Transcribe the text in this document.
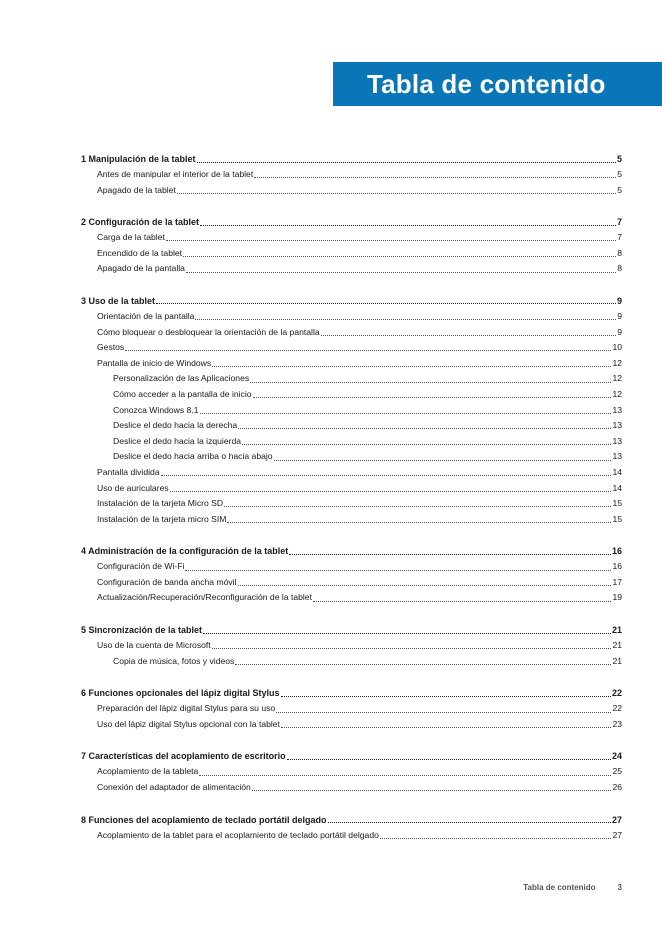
Tabla de contenido
1 Manipulación de la tablet	5
Antes de manipular el interior de la tablet	5
Apagado de la tablet	5
2 Configuración de la tablet	7
Carga de la tablet	7
Encendido de la tablet	8
Apagado de la pantalla	8
3 Uso de la tablet	9
Orientación de la pantalla	9
Cómo bloquear o desbloquear la orientación de la pantalla	9
Gestos	10
Pantalla de inicio de Windows	12
Personalización de las Aplicaciones	12
Cómo acceder a la pantalla de inicio	12
Conozca Windows 8.1	13
Deslice el dedo hacia la derecha	13
Deslice el dedo hacia la izquierda	13
Deslice el dedo hacia arriba o hacia abajo	13
Pantalla dividida	14
Uso de auriculares	14
Instalación de la tarjeta Micro SD	15
Instalación de la tarjeta micro SIM	15
4 Administración de la configuración de la tablet	16
Configuración de Wi-Fi	16
Configuración de banda ancha móvil	17
Actualización/Recuperación/Reconfiguración de la tablet	19
5 Sincronización de la tablet	21
Uso de la cuenta de Microsoft	21
Copia de música, fotos y videos	21
6 Funciones opcionales del lápiz digital Stylus	22
Preparación del lápiz digital Stylus para su uso	22
Uso del lápiz digital Stylus opcional con la tablet	23
7 Características del acoplamiento de escritorio	24
Acoplamiento de la tableta	25
Conexión del adaptador de alimentación	26
8 Funciones del acoplamiento de teclado portátil delgado	27
Acoplamiento de la tablet para el acoplamiento de teclado portátil delgado	27
Tabla de contenido	3
